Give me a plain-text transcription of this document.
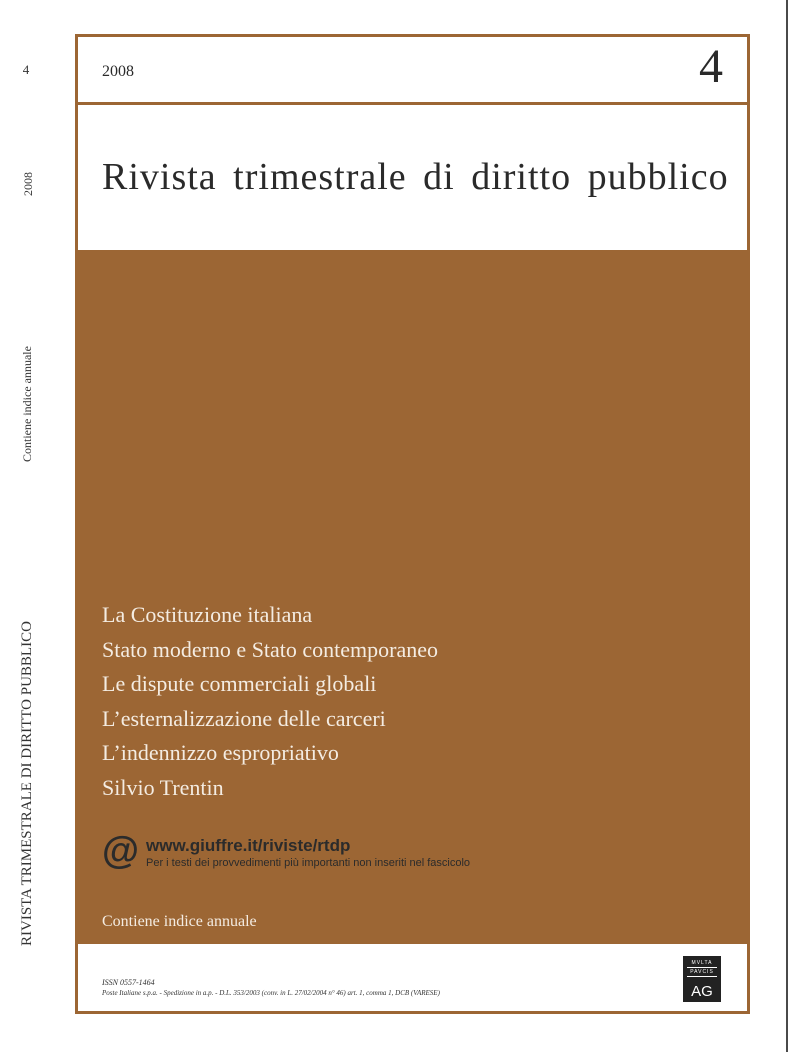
4
2008
Contiene indice annuale
RIVISTA TRIMESTRALE DI DIRITTO PUBBLICO
2008	4
Rivista trimestrale di diritto pubblico
La Costituzione italiana
Stato moderno e Stato contemporaneo
Le dispute commerciali globali
L’esternalizzazione delle carceri
L’indennizzo espropriativo
Silvio Trentin
@ www.giuffre.it/riviste/rtdp
Per i testi dei provvedimenti più importanti non inseriti nel fascicolo
Contiene indice annuale
ISSN 0557-1464
Poste Italiane s.p.a. - Spedizione in a.p. - D.L. 353/2003 (conv. in L. 27/02/2004 n° 46) art. 1, comma 1, DCB (VARESE)
MVLTA
PAVCIS
AG
